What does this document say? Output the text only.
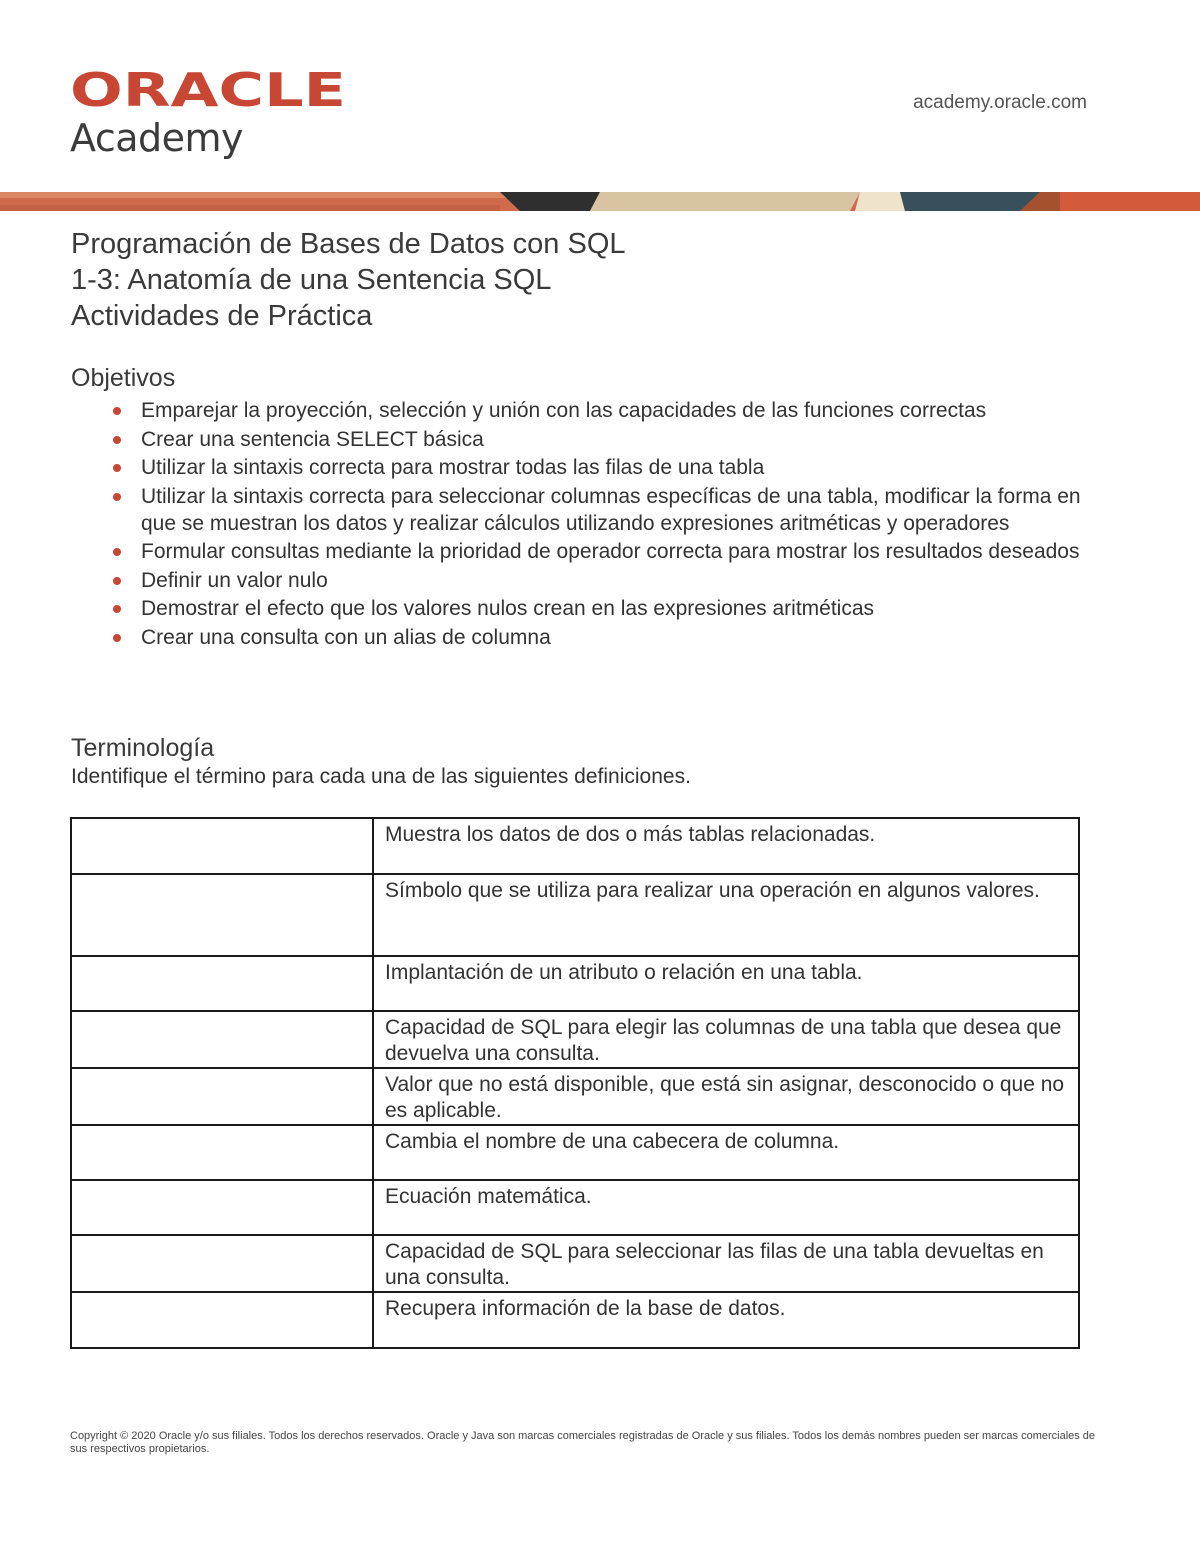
ORACLE
Academy
academy.oracle.com
Programación de Bases de Datos con SQL
1-3: Anatomía de una Sentencia SQL
Actividades de Práctica
Objetivos
Emparejar la proyección, selección y unión con las capacidades de las funciones correctas
Crear una sentencia SELECT básica
Utilizar la sintaxis correcta para mostrar todas las filas de una tabla
Utilizar la sintaxis correcta para seleccionar columnas específicas de una tabla, modificar la forma en que se muestran los datos y realizar cálculos utilizando expresiones aritméticas y operadores
Formular consultas mediante la prioridad de operador correcta para mostrar los resultados deseados
Definir un valor nulo
Demostrar el efecto que los valores nulos crean en las expresiones aritméticas
Crear una consulta con un alias de columna
Terminología
Identifique el término para cada una de las siguientes definiciones.
	Muestra los datos de dos o más tablas relacionadas.
	Símbolo que se utiliza para realizar una operación en algunos valores.
	Implantación de un atributo o relación en una tabla.
	Capacidad de SQL para elegir las columnas de una tabla que desea que devuelva una consulta.
	Valor que no está disponible, que está sin asignar, desconocido o que no es aplicable.
	Cambia el nombre de una cabecera de columna.
	Ecuación matemática.
	Capacidad de SQL para seleccionar las filas de una tabla devueltas en una consulta.
	Recupera información de la base de datos.
Copyright © 2020 Oracle y/o sus filiales. Todos los derechos reservados. Oracle y Java son marcas comerciales registradas de Oracle y sus filiales. Todos los demás nombres pueden ser marcas comerciales de sus respectivos propietarios.
